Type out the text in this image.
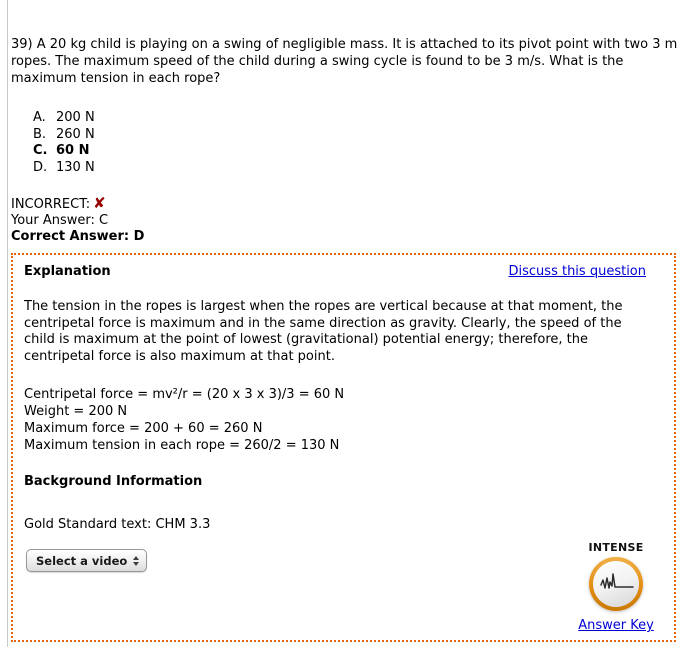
39) A 20 kg child is playing on a swing of negligible mass. It is attached to its pivot point with two 3 m ropes. The maximum speed of the child during a swing cycle is found to be 3 m/s. What is the maximum tension in each rope?
A. 200 N
B. 260 N
C. 60 N
D. 130 N
INCORRECT: ✘
Your Answer: C
Correct Answer: D
Explanation	Discuss this question

The tension in the ropes is largest when the ropes are vertical because at that moment, the centripetal force is maximum and in the same direction as gravity. Clearly, the speed of the child is maximum at the point of lowest (gravitational) potential energy; therefore, the centripetal force is also maximum at that point.

Centripetal force = mv²/r = (20 x 3 x 3)/3 = 60 N
Weight = 200 N
Maximum force = 200 + 60 = 260 N
Maximum tension in each rope = 260/2 = 130 N
Background Information
Gold Standard text: CHM 3.3
Select a video
INTENSE
Answer Key
